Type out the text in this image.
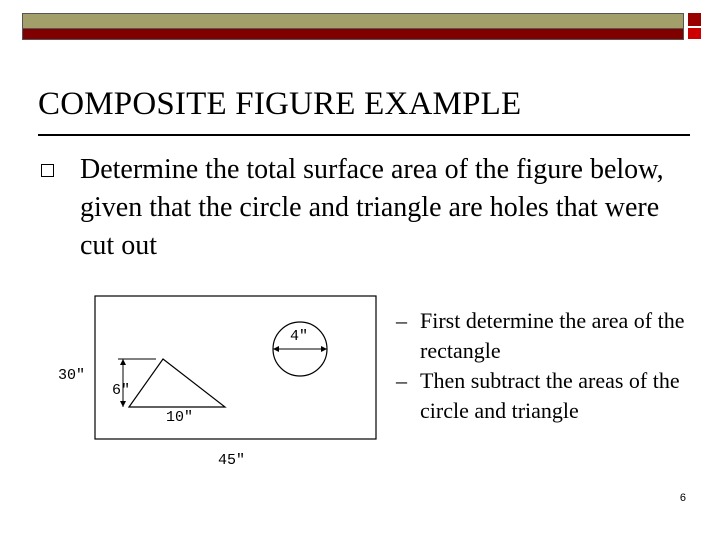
COMPOSITE FIGURE EXAMPLE
Determine the total surface area of the figure below, given that the circle and triangle are holes that were cut out
4"
6"
10"
30"
45"
– First determine the area of the rectangle
– Then subtract the areas of the circle and triangle
6
